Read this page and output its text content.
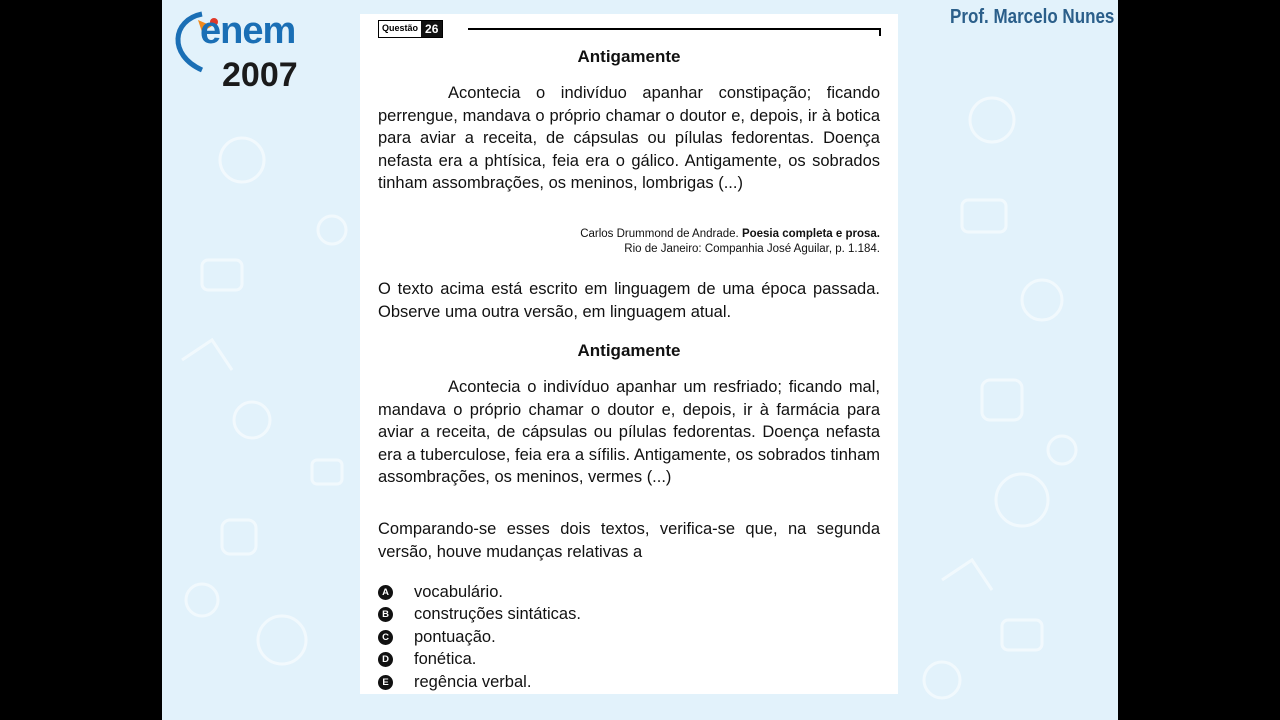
enem
2007
Prof. Marcelo Nunes
Questão 26
Antigamente

Acontecia o indivíduo apanhar constipação; ficando perrengue, mandava o próprio chamar o doutor e, depois, ir à botica para aviar a receita, de cápsulas ou pílulas fedorentas. Doença nefasta era a phtísica, feia era o gálico. Antigamente, os sobrados tinham assombrações, os meninos, lombrigas (...)

Carlos Drummond de Andrade. Poesia completa e prosa.
Rio de Janeiro: Companhia José Aguilar, p. 1.184.

O texto acima está escrito em linguagem de uma época passada. Observe uma outra versão, em linguagem atual.

Antigamente

Acontecia o indivíduo apanhar um resfriado; ficando mal, mandava o próprio chamar o doutor e, depois, ir à farmácia para aviar a receita, de cápsulas ou pílulas fedorentas. Doença nefasta era a tuberculose, feia era a sífilis. Antigamente, os sobrados tinham assombrações, os meninos, vermes (...)

Comparando-se esses dois textos, verifica-se que, na segunda versão, houve mudanças relativas a

A vocabulário.
B construções sintáticas.
C pontuação.
D fonética.
E regência verbal.
